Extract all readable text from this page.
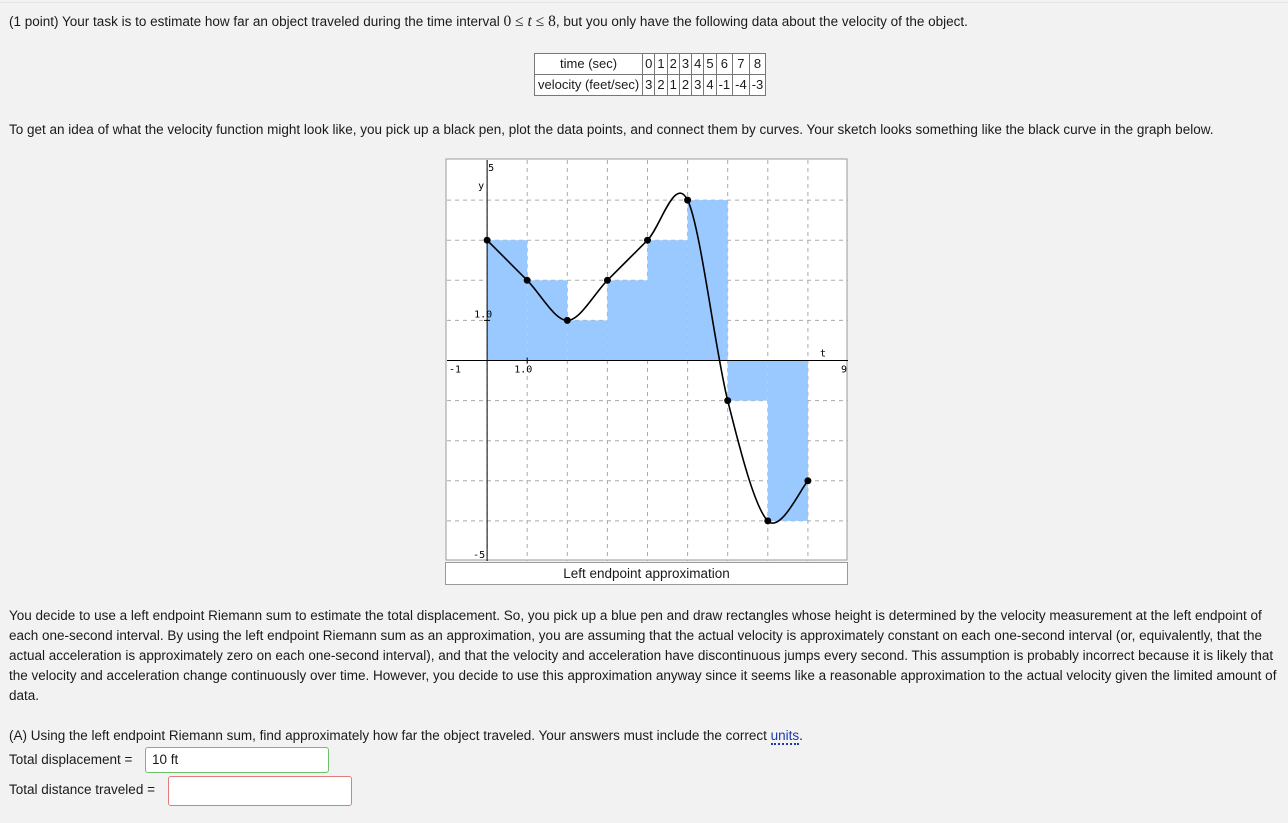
(1 point) Your task is to estimate how far an object traveled during the time interval 0 ≤ t ≤ 8, but you only have the following data about the velocity of the object.
time (sec)	0	1	2	3	4	5	6	7	8
velocity (feet/sec)	3	2	1	2	3	4	-1	-4	-3
To get an idea of what the velocity function might look like, you pick up a black pen, plot the data points, and connect them by curves. Your sketch looks something like the black curve in the graph below.
5
y
1.0
1.0
-1	9
t
-5
Left endpoint approximation
You decide to use a left endpoint Riemann sum to estimate the total displacement. So, you pick up a blue pen and draw rectangles whose height is determined by the velocity measurement at the left endpoint of each one-second interval. By using the left endpoint Riemann sum as an approximation, you are assuming that the actual velocity is approximately constant on each one-second interval (or, equivalently, that the actual acceleration is approximately zero on each one-second interval), and that the velocity and acceleration have discontinuous jumps every second. This assumption is probably incorrect because it is likely that the velocity and acceleration change continuously over time. However, you decide to use this approximation anyway since it seems like a reasonable approximation to the actual velocity given the limited amount of data.
(A) Using the left endpoint Riemann sum, find approximately how far the object traveled. Your answers must include the correct units.
Total displacement =	10 ft
Total distance traveled =
